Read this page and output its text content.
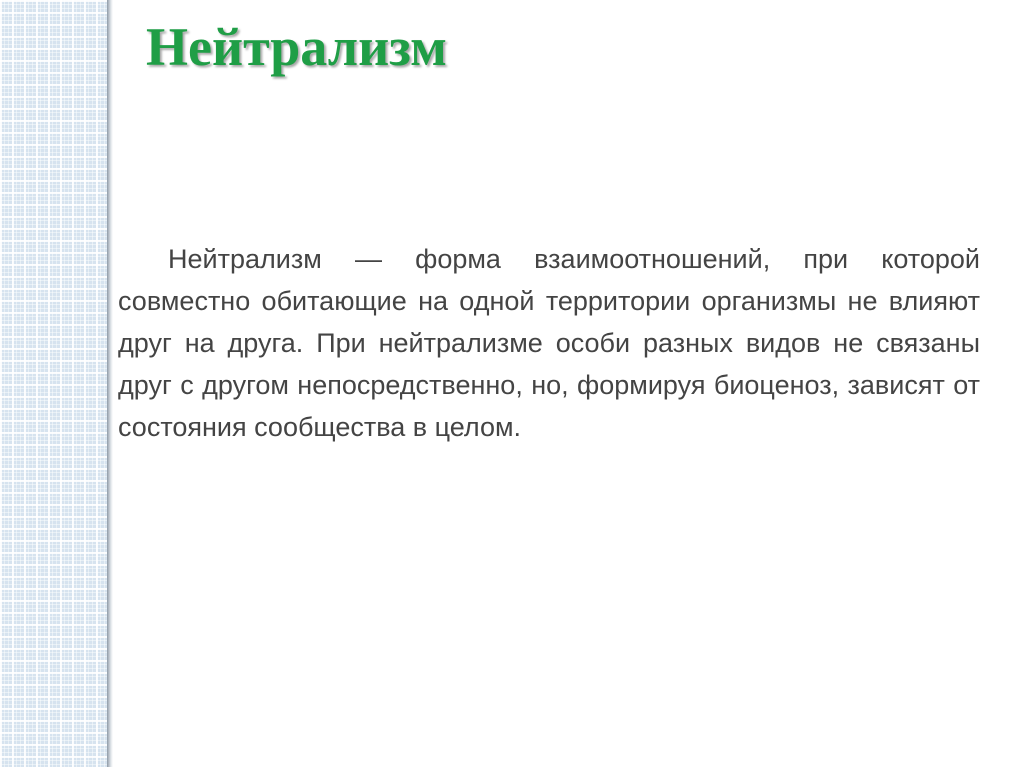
Нейтрализм

Нейтрализм — форма взаимоотношений, при которой совместно обитающие на одной территории организмы не влияют друг на друга. При нейтрализме особи разных видов не связаны друг с другом непосредственно, но, формируя биоценоз, зависят от состояния сообщества в целом.
